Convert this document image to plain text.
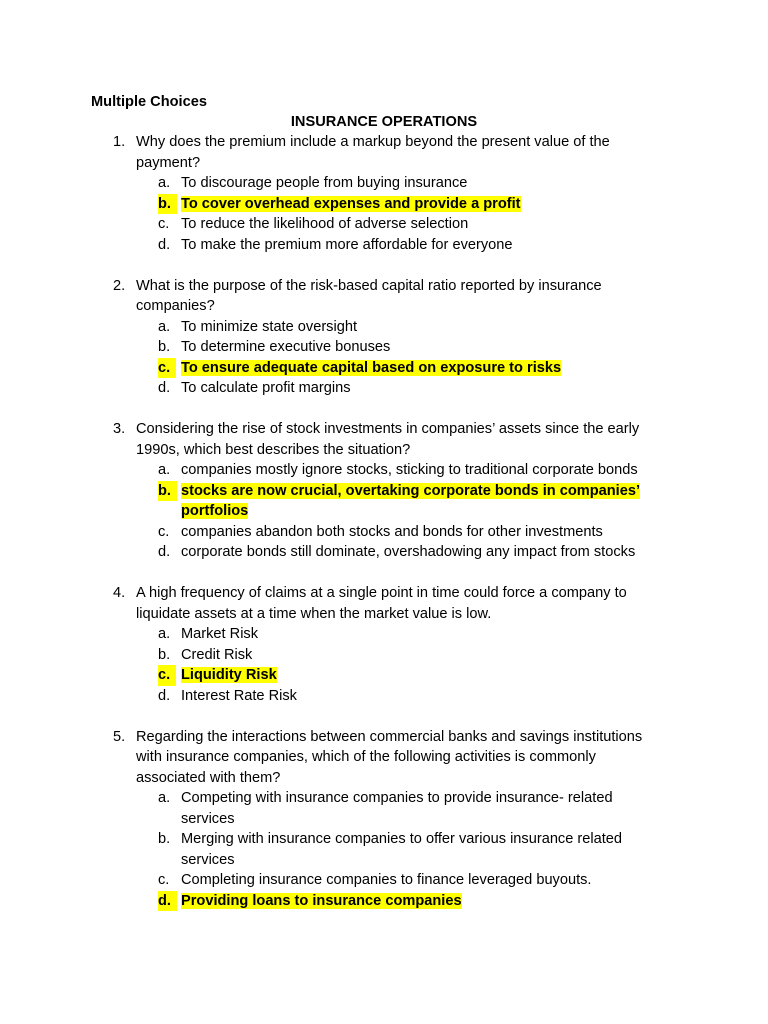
Multiple Choices
INSURANCE OPERATIONS
1. Why does the premium include a markup beyond the present value of the payment?
a. To discourage people from buying insurance
b. To cover overhead expenses and provide a profit
c. To reduce the likelihood of adverse selection
d. To make the premium more affordable for everyone
2. What is the purpose of the risk-based capital ratio reported by insurance companies?
a. To minimize state oversight
b. To determine executive bonuses
c. To ensure adequate capital based on exposure to risks
d. To calculate profit margins
3. Considering the rise of stock investments in companies’ assets since the early 1990s, which best describes the situation?
a. companies mostly ignore stocks, sticking to traditional corporate bonds
b. stocks are now crucial, overtaking corporate bonds in companies’ portfolios
c. companies abandon both stocks and bonds for other investments
d. corporate bonds still dominate, overshadowing any impact from stocks
4. A high frequency of claims at a single point in time could force a company to liquidate assets at a time when the market value is low.
a. Market Risk
b. Credit Risk
c. Liquidity Risk
d. Interest Rate Risk
5. Regarding the interactions between commercial banks and savings institutions with insurance companies, which of the following activities is commonly associated with them?
a. Competing with insurance companies to provide insurance- related services
b. Merging with insurance companies to offer various insurance related services
c. Completing insurance companies to finance leveraged buyouts.
d. Providing loans to insurance companies
